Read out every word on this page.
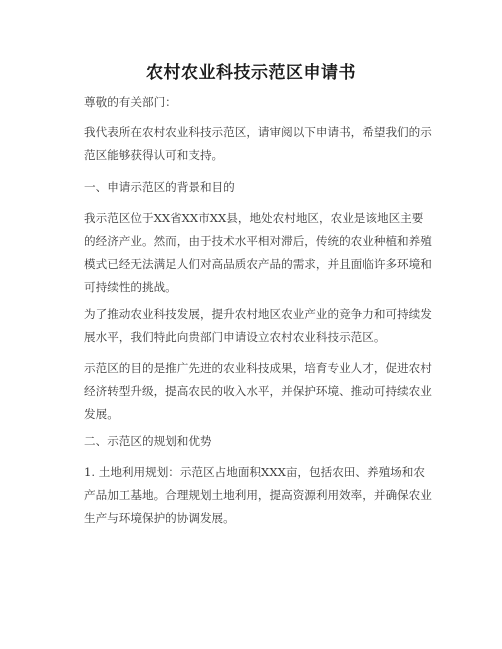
农村农业科技示范区申请书

尊敬的有关部门：

我代表所在农村农业科技示范区，请审阅以下申请书，希望我们的示范区能够获得认可和支持。

一、申请示范区的背景和目的

我示范区位于XX省XX市XX县，地处农村地区，农业是该地区主要的经济产业。然而，由于技术水平相对滞后，传统的农业种植和养殖模式已经无法满足人们对高品质农产品的需求，并且面临许多环境和可持续性的挑战。

为了推动农业科技发展，提升农村地区农业产业的竞争力和可持续发展水平，我们特此向贵部门申请设立农村农业科技示范区。

示范区的目的是推广先进的农业科技成果，培育专业人才，促进农村经济转型升级，提高农民的收入水平，并保护环境、推动可持续农业发展。

二、示范区的规划和优势

1. 土地利用规划：示范区占地面积XXX亩，包括农田、养殖场和农产品加工基地。合理规划土地利用，提高资源利用效率，并确保农业生产与环境保护的协调发展。
